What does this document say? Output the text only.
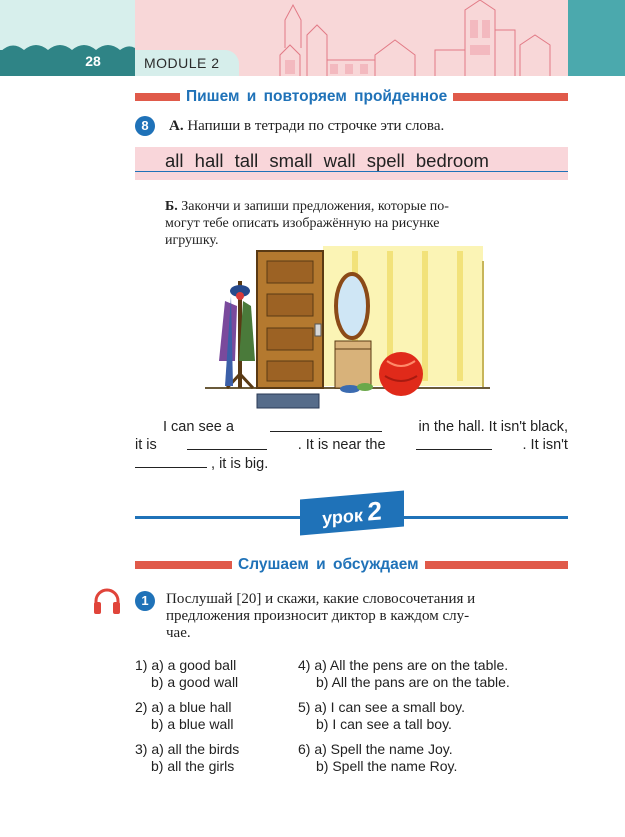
28	MODULE 2
Пишем и повторяем пройденное
8	А. Напиши в тетради по строчке эти слова.
all hall tall small wall spell bedroom
Б. Закончи и запиши предложения, которые по-
могут тебе описать изображённую на рисунке
игрушку.
I can see a	in the hall. It isn't black,
it is	. It is near the	. It isn't
, it is big.
урок 2
Слушаем и обсуждаем
1	Послушай [20] и скажи, какие словосочетания и
предложения произносит диктор в каждом слу-
чае.
1) a) a good ball
b) a good wall
2) a) a blue hall
b) a blue wall
3) a) all the birds
b) all the girls
4) a) All the pens are on the table.
b) All the pans are on the table.
5) a) I can see a small boy.
b) I can see a tall boy.
6) a) Spell the name Joy.
b) Spell the name Roy.
